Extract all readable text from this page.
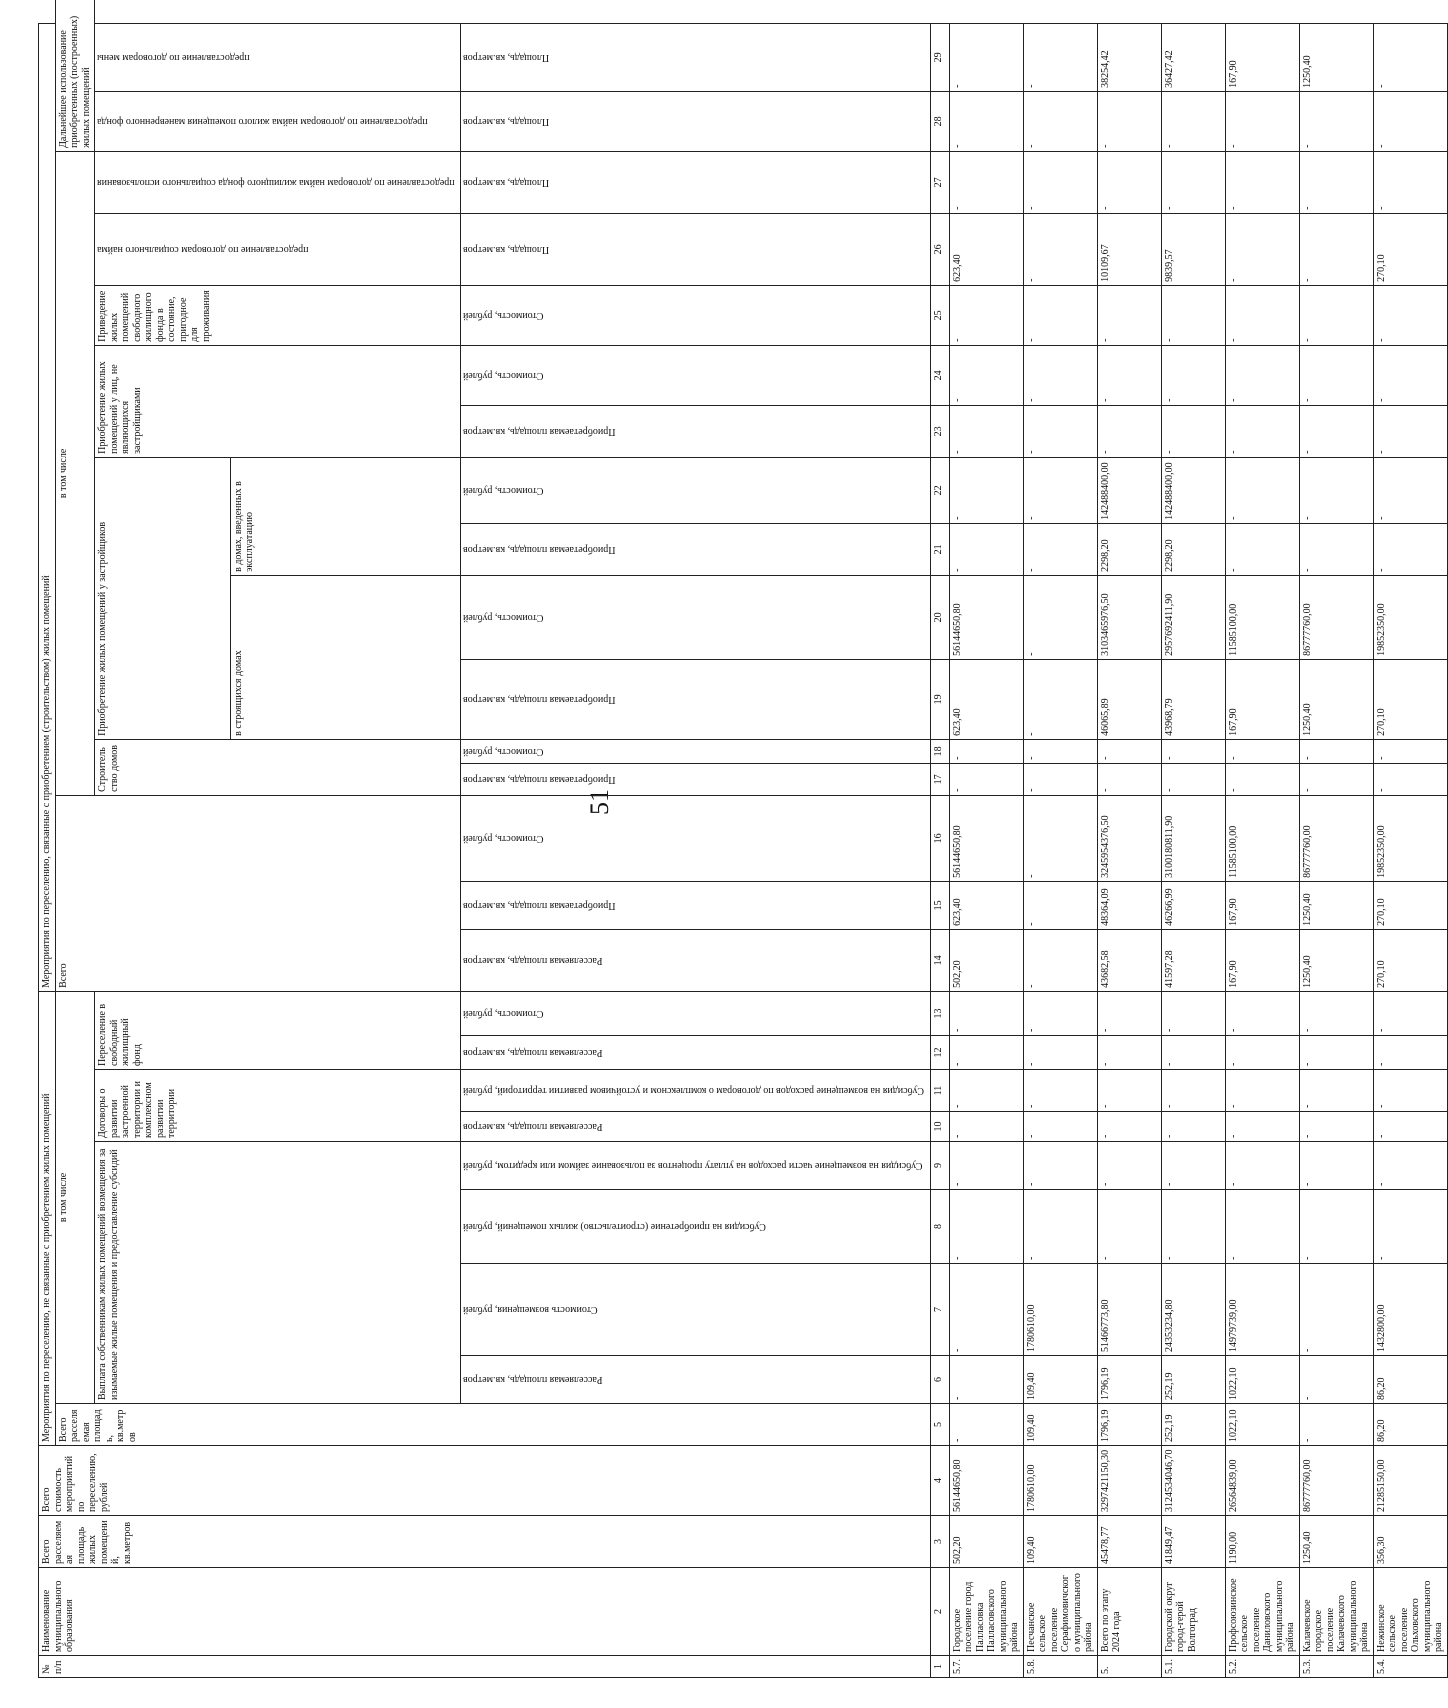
51
№ п/п	Наименование муниципального образования	Всего расселяемая площадь жилых помещений, кв.метров	Всего стоимость мероприятий по переселению, рублей	Мероприятия по переселению, не связанные с приобретением жилых помещений									Мероприятия по переселению, связанные с приобретением (строительством) жилых помещений															
				Всего расселяемая площадь, кв.метров	в том числе								Всего			в том числе											Дальнейшее использование приобретенных (построенных) жилых помещений	
					Выплата собственникам жилых помещений возмещения за изымаемые жилые помещения и предоставление субсидий				Договоры о развитии застроенной территории и комплексном развитии территории		Переселение в свободный жилищный фонд					Строительство домов		Приобретение жилых помещений у застройщиков				Приобретение жилых помещений у лиц, не являющихся застройщиками		Приведение жилых помещений свободного жилищного фонда в состояние, пригодное для проживания	предоставление по договорам социального найма	предоставление по договорам найма жилищного фонда социального использования	предоставление по договорам найма жилого помещения маневренного фонда	предоставление по договорам мены
																		в строящихся домах		в домах, введенных в эксплуатацию								
					Расселяемая площадь, кв.метров	Стоимость возмещения, рублей	Субсидия на приобретение (строительство) жилых помещений, рублей	Субсидия на возмещение части расходов на уплату процентов за пользование займом или кредитом, рублей	Расселяемая площадь, кв.метров	Субсидия на возмещение расходов по договорам о комплексном и устойчивом развитии территорий, рублей	Расселяемая площадь, кв.метров	Стоимость, рублей	Расселяемая площадь, кв.метров	Приобретаемая площадь, кв.метров	Стоимость, рублей	Приобретаемая площадь, кв.метров	Стоимость, рублей	Приобретаемая площадь, кв.метров	Стоимость, рублей	Приобретаемая площадь, кв.метров	Стоимость, рублей	Приобретаемая площадь, кв.метров	Стоимость, рублей	Стоимость, рублей	Площадь, кв.метров	Площадь, кв.метров	Площадь, кв.метров	Площадь, кв.метров
1	2	3	4	5	6	7	8	9	10	11	12	13	14	15	16	17	18	19	20	21	22	23	24	25	26	27	28	29
5.7.	Городское поселение город Палласовка Палласовского муниципального района	502,20	56144650,80	-	-	-	-	-	-	-	-	-	502,20	623,40	56144650,80	-	-	623,40	56144650,80	-	-	-	-	-	623,40	-	-	-
5.8.	Песчанское сельское поселение Серафимовичского муниципального района	109,40	1780610,00	109,40	109,40	1780610,00	-	-	-	-	-	-	-	-	-	-	-	-	-	-	-	-	-	-	-	-	-	-
5.	Всего по этапу 2024 года	45478,77	3297421150,30	1796,19	1796,19	51466773,80	-	-	-	-	-	-	43682,58	48364,09	3245954376,50	-	-	46065,89	3103465976,50	2298,20	142488400,00	-	-	-	10109,67	-	-	38254,42
5.1.	Городской округ город-герой Волгоград	41849,47	3124534046,70	252,19	252,19	24353234,80	-	-	-	-	-	-	41597,28	46266,99	3100180811,90	-	-	43968,79	2957692411,90	2298,20	142488400,00	-	-	-	9839,57	-	-	36427,42
5.2.	Профсоюзинское сельское поселение Даниловского муниципального района	1190,00	26564839,00	1022,10	1022,10	14979739,00	-	-	-	-	-	-	167,90	167,90	11585100,00	-	-	167,90	11585100,00	-	-	-	-	-	-	-	-	167,90
5.3.	Калачевское городское поселение Калачевского муниципального района	1250,40	86777760,00	-	-	-	-	-	-	-	-	-	1250,40	1250,40	86777760,00	-	-	1250,40	86777760,00	-	-	-	-	-	-	-	-	1250,40
5.4.	Нежинское сельское поселение Ольховского муниципального района	356,30	21285150,00	86,20	86,20	1432800,00	-	-	-	-	-	-	270,10	270,10	19852350,00	-	-	270,10	19852350,00	-	-	-	-	-	270,10	-	-	-
